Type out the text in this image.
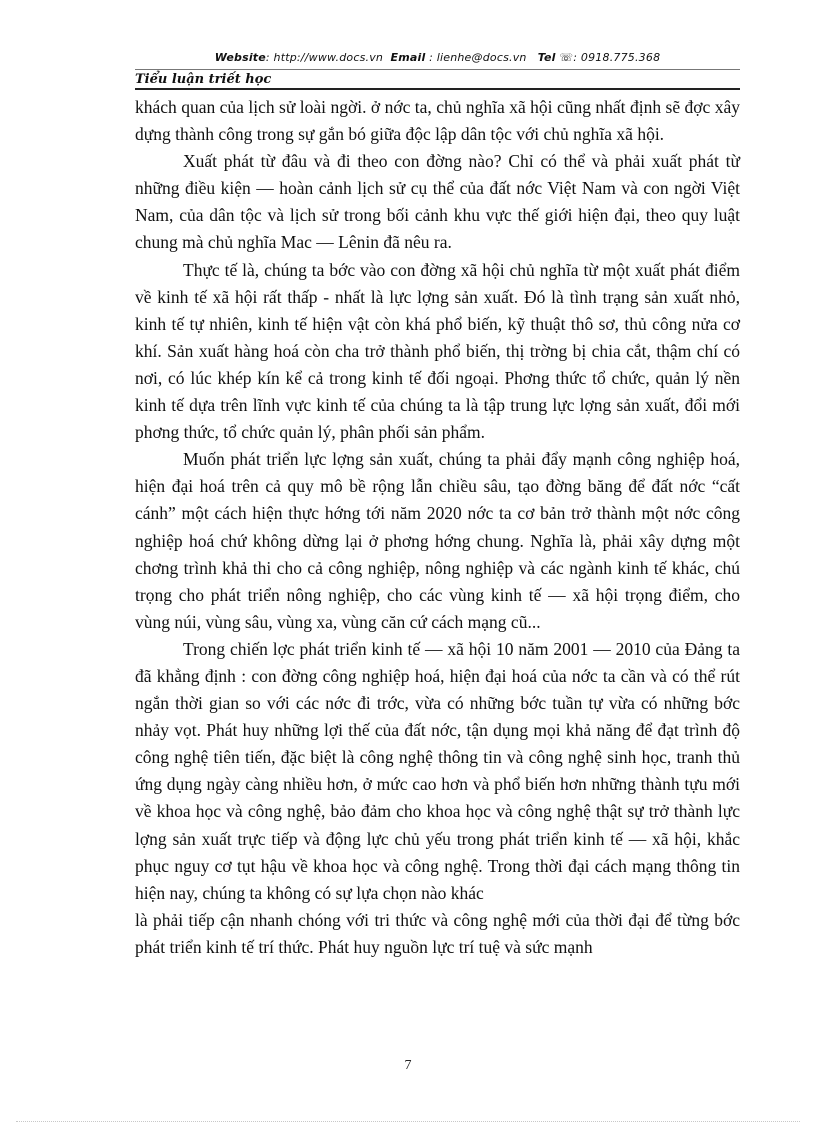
Website: http://www.docs.vn Email : lienhe@docs.vn Tel ☏: 0918.775.368
Tiểu luận triết học

khách quan của lịch sử loài ngời. ở nớc ta, chủ nghĩa xã hội cũng nhất định sẽ đợc xây dựng thành công trong sự gắn bó giữa độc lập dân tộc với chủ nghĩa xã hội.

Xuất phát từ đâu và đi theo con đờng nào? Chỉ có thể và phải xuất phát từ những điều kiện — hoàn cảnh lịch sử cụ thể của đất nớc Việt Nam và con ngời Việt Nam, của dân tộc và lịch sử trong bối cảnh khu vực thế giới hiện đại, theo quy luật chung mà chủ nghĩa Mac — Lênin đã nêu ra.

Thực tế là, chúng ta bớc vào con đờng xã hội chủ nghĩa từ một xuất phát điểm về kinh tế xã hội rất thấp - nhất là lực lợng sản xuất. Đó là tình trạng sản xuất nhỏ, kinh tế tự nhiên, kinh tế hiện vật còn khá phổ biến, kỹ thuật thô sơ, thủ công nửa cơ khí. Sản xuất hàng hoá còn cha trở thành phổ biến, thị trờng bị chia cắt, thậm chí có nơi, có lúc khép kín kể cả trong kinh tế đối ngoại. Phơng thức tổ chức, quản lý nền kinh tế dựa trên lĩnh vực kinh tế của chúng ta là tập trung lực lợng sản xuất, đổi mới phơng thức, tổ chức quản lý, phân phối sản phẩm.

Muốn phát triển lực lợng sản xuất, chúng ta phải đẩy mạnh công nghiệp hoá, hiện đại hoá trên cả quy mô bề rộng lẫn chiều sâu, tạo đờng băng để đất nớc “cất cánh” một cách hiện thực hớng tới năm 2020 nớc ta cơ bản trở thành một nớc công nghiệp hoá chứ không dừng lại ở phơng hớng chung. Nghĩa là, phải xây dựng một chơng trình khả thi cho cả công nghiệp, nông nghiệp và các ngành kinh tế khác, chú trọng cho phát triển nông nghiệp, cho các vùng kinh tế — xã hội trọng điểm, cho vùng núi, vùng sâu, vùng xa, vùng căn cứ cách mạng cũ...

Trong chiến lợc phát triển kinh tế — xã hội 10 năm 2001 — 2010 của Đảng ta đã khẳng định : con đờng công nghiệp hoá, hiện đại hoá của nớc ta cần và có thể rút ngắn thời gian so với các nớc đi trớc, vừa có những bớc tuần tự vừa có những bớc nhảy vọt. Phát huy những lợi thế của đất nớc, tận dụng mọi khả năng để đạt trình độ công nghệ tiên tiến, đặc biệt là công nghệ thông tin và công nghệ sinh học, tranh thủ ứng dụng ngày càng nhiều hơn, ở mức cao hơn và phổ biến hơn những thành tựu mới về khoa học và công nghệ, bảo đảm cho khoa học và công nghệ thật sự trở thành lực lợng sản xuất trực tiếp và động lực chủ yếu trong phát triển kinh tế — xã hội, khắc phục nguy cơ tụt hậu về khoa học và công nghệ. Trong thời đại cách mạng thông tin hiện nay, chúng ta không có sự lựa chọn nào khác

là phải tiếp cận nhanh chóng với tri thức và công nghệ mới của thời đại để từng bớc phát triển kinh tế trí thức. Phát huy nguồn lực trí tuệ và sức mạnh

7
